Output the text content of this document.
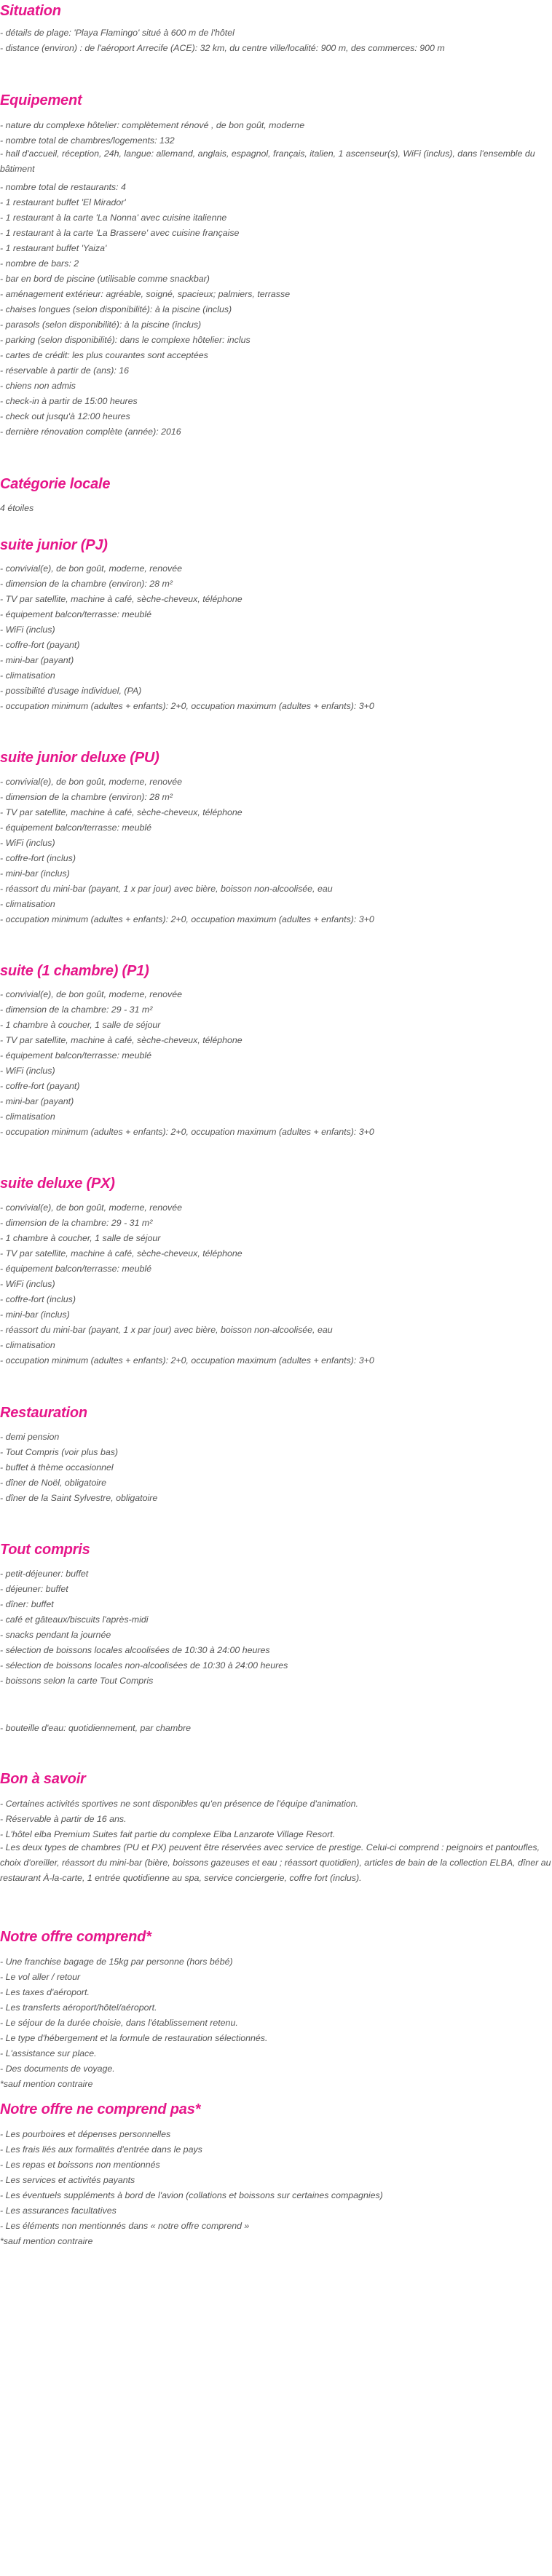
Situation

- détails de plage: 'Playa Flamingo' situé à 600 m de l'hôtel

- distance (environ) : de l'aéroport Arrecife (ACE): 32 km, du centre ville/localité: 900 m, des commerces: 900 m

Equipement

- nature du complexe hôtelier: complètement rénové , de bon goût, moderne

- nombre total de chambres/logements: 132

- hall d'accueil, réception, 24h, langue: allemand, anglais, espagnol, français, italien, 1 ascenseur(s), WiFi (inclus), dans l'ensemble du bâtiment

- nombre total de restaurants: 4

- 1 restaurant buffet 'El Mirador'

- 1 restaurant à la carte 'La Nonna' avec cuisine italienne

- 1 restaurant à la carte 'La Brassere' avec cuisine française

- 1 restaurant buffet 'Yaiza'

- nombre de bars: 2

- bar en bord de piscine (utilisable comme snackbar)

- aménagement extérieur: agréable, soigné, spacieux; palmiers, terrasse

- chaises longues (selon disponibilité): à la piscine (inclus)

- parasols (selon disponibilité): à la piscine (inclus)

- parking (selon disponibilité): dans le complexe hôtelier: inclus

- cartes de crédit: les plus courantes sont acceptées

- réservable à partir de (ans): 16

- chiens non admis

- check-in à partir de 15:00 heures

- check out jusqu'à 12:00 heures

- dernière rénovation complète (année): 2016

Catégorie locale

4 étoiles

suite junior (PJ)

- convivial(e), de bon goût, moderne, renovée

- dimension de la chambre (environ): 28 m²

- TV par satellite, machine à café, sèche-cheveux, téléphone

- équipement balcon/terrasse: meublé

- WiFi (inclus)

- coffre-fort (payant)

- mini-bar (payant)

- climatisation

- possibilité d'usage individuel, (PA)

- occupation minimum (adultes + enfants): 2+0, occupation maximum (adultes + enfants): 3+0

suite junior deluxe (PU)

- convivial(e), de bon goût, moderne, renovée

- dimension de la chambre (environ): 28 m²

- TV par satellite, machine à café, sèche-cheveux, téléphone

- équipement balcon/terrasse: meublé

- WiFi (inclus)

- coffre-fort (inclus)

- mini-bar (inclus)

- réassort du mini-bar (payant, 1 x par jour) avec bière, boisson non-alcoolisée, eau

- climatisation

- occupation minimum (adultes + enfants): 2+0, occupation maximum (adultes + enfants): 3+0

suite (1 chambre) (P1)

- convivial(e), de bon goût, moderne, renovée

- dimension de la chambre: 29 - 31 m²

- 1 chambre à coucher, 1 salle de séjour

- TV par satellite, machine à café, sèche-cheveux, téléphone

- équipement balcon/terrasse: meublé

- WiFi (inclus)

- coffre-fort (payant)

- mini-bar (payant)

- climatisation

- occupation minimum (adultes + enfants): 2+0, occupation maximum (adultes + enfants): 3+0

suite deluxe (PX)

- convivial(e), de bon goût, moderne, renovée

- dimension de la chambre: 29 - 31 m²

- 1 chambre à coucher, 1 salle de séjour

- TV par satellite, machine à café, sèche-cheveux, téléphone

- équipement balcon/terrasse: meublé

- WiFi (inclus)

- coffre-fort (inclus)

- mini-bar (inclus)

- réassort du mini-bar (payant, 1 x par jour) avec bière, boisson non-alcoolisée, eau

- climatisation

- occupation minimum (adultes + enfants): 2+0, occupation maximum (adultes + enfants): 3+0

Restauration

- demi pension

- Tout Compris (voir plus bas)

- buffet à thème occasionnel

- dîner de Noël, obligatoire

- dîner de la Saint Sylvestre, obligatoire

Tout compris

- petit-déjeuner: buffet

- déjeuner: buffet

- dîner: buffet

- café et gâteaux/biscuits l'après-midi

- snacks pendant la journée

- sélection de boissons locales alcoolisées de 10:30 à 24:00 heures

- sélection de boissons locales non-alcoolisées de 10:30 à 24:00 heures

- boissons selon la carte Tout Compris

- bouteille d'eau: quotidiennement, par chambre

Bon à savoir

- Certaines activités sportives ne sont disponibles qu'en présence de l'équipe d'animation.

- Réservable à partir de 16 ans.

- L'hôtel elba Premium Suites fait partie du complexe Elba Lanzarote Village Resort.

- Les deux types de chambres (PU et PX) peuvent être réservées avec service de prestige. Celui-ci comprend : peignoirs et pantoufles, choix d'oreiller, réassort du mini-bar (bière, boissons gazeuses et eau ; réassort quotidien), articles de bain de la collection ELBA, dîner au restaurant À-la-carte, 1 entrée quotidienne au spa, service conciergerie, coffre fort (inclus).

Notre offre comprend*

- Une franchise bagage de 15kg par personne (hors bébé)

- Le vol aller / retour

- Les taxes d'aéroport.

- Les transferts aéroport/hôtel/aéroport.

- Le séjour de la durée choisie, dans l'établissement retenu.

- Le type d'hébergement et la formule de restauration sélectionnés.

- L'assistance sur place.

- Des documents de voyage.

*sauf mention contraire

Notre offre ne comprend pas*

- Les pourboires et dépenses personnelles

- Les frais liés aux formalités d'entrée dans le pays

- Les repas et boissons non mentionnés

- Les services et activités payants

- Les éventuels suppléments à bord de l'avion (collations et boissons sur certaines compagnies)

- Les assurances facultatives

- Les éléments non mentionnés dans « notre offre comprend »

*sauf mention contraire
